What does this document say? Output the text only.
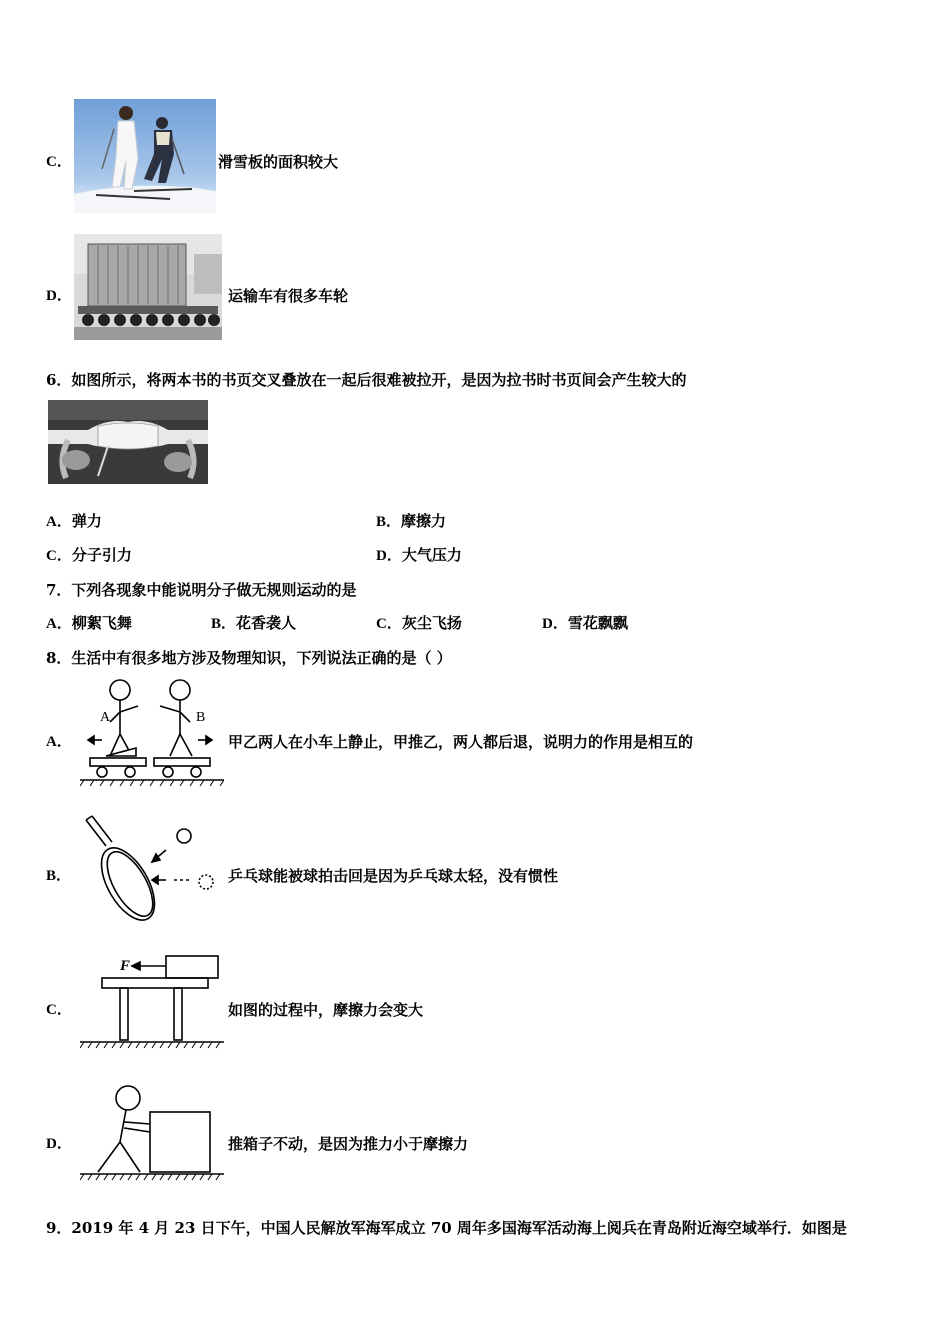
C．	滑雪板的面积较大
D．	运输车有很多车轮
6．如图所示，将两本书的书页交叉叠放在一起后很难被拉开，是因为拉书时书页间会产生较大的
A．弹力	B．摩擦力
C．分子引力	D．大气压力
7．下列各现象中能说明分子做无规则运动的是
A．柳絮飞舞	B．花香袭人	C．灰尘飞扬	D．雪花飘飘
8．生活中有很多地方涉及物理知识，下列说法正确的是（ ）
A．
A	B
甲乙两人在小车上静止，甲推乙，两人都后退，说明力的作用是相互的
B．	乒乓球能被球拍击回是因为乒乓球太轻，没有惯性
C．
F
如图的过程中，摩擦力会变大
D．	推箱子不动，是因为推力小于摩擦力
9．2019 年 4 月 23 日下午，中国人民解放军海军成立 70 周年多国海军活动海上阅兵在青岛附近海空域举行．如图是
